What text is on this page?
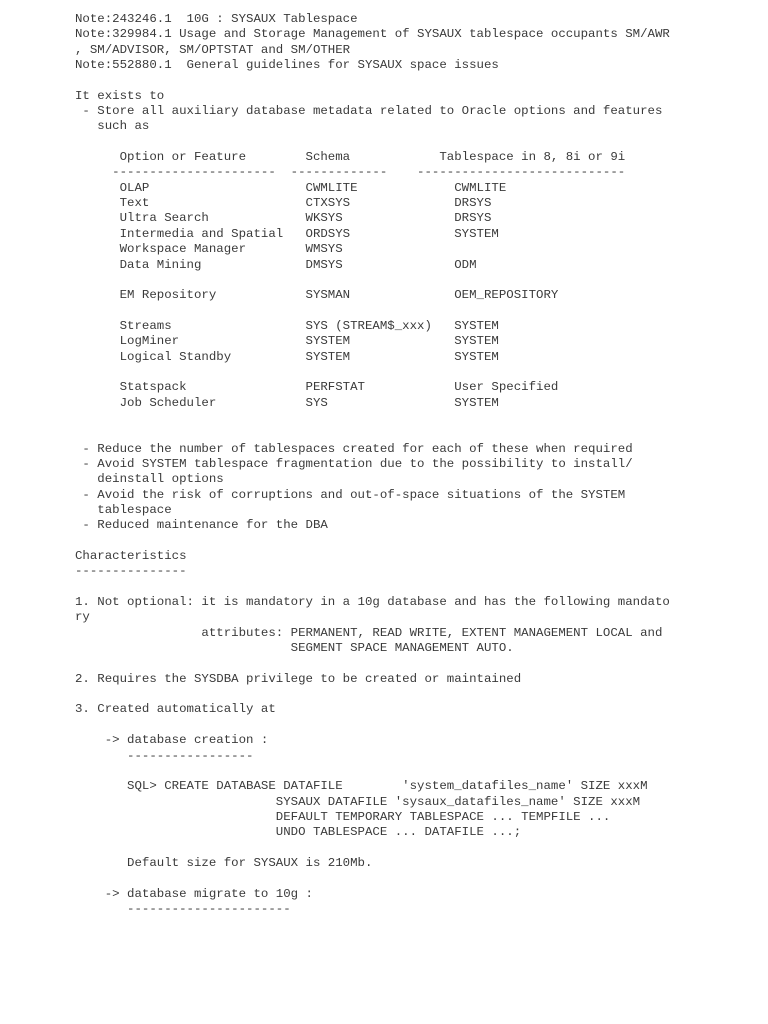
Note:243246.1  10G : SYSAUX Tablespace
Note:329984.1 Usage and Storage Management of SYSAUX tablespace occupants SM/AWR
, SM/ADVISOR, SM/OPTSTAT and SM/OTHER
Note:552880.1  General guidelines for SYSAUX space issues
It exists to
- Store all auxiliary database metadata related to Oracle options and features
such as
Option or Feature        Schema            Tablespace in 8, 8i or 9i
----------------------  -------------    ----------------------------
OLAP                     CWMLITE             CWMLITE
Text                     CTXSYS              DRSYS
Ultra Search             WKSYS               DRSYS
Intermedia and Spatial   ORDSYS              SYSTEM
Workspace Manager        WMSYS
Data Mining              DMSYS               ODM
EM Repository            SYSMAN              OEM_REPOSITORY
Streams                  SYS (STREAM$_xxx)   SYSTEM
LogMiner                 SYSTEM              SYSTEM
Logical Standby          SYSTEM              SYSTEM
Statspack                PERFSTAT            User Specified
Job Scheduler            SYS                 SYSTEM
- Reduce the number of tablespaces created for each of these when required
- Avoid SYSTEM tablespace fragmentation due to the possibility to install/
deinstall options
- Avoid the risk of corruptions and out-of-space situations of the SYSTEM
tablespace
- Reduced maintenance for the DBA
Characteristics
---------------
1. Not optional: it is mandatory in a 10g database and has the following mandato
ry
attributes: PERMANENT, READ WRITE, EXTENT MANAGEMENT LOCAL and
SEGMENT SPACE MANAGEMENT AUTO.
2. Requires the SYSDBA privilege to be created or maintained
3. Created automatically at
-> database creation :
-----------------
SQL> CREATE DATABASE DATAFILE        'system_datafiles_name' SIZE xxxM
SYSAUX DATAFILE 'sysaux_datafiles_name' SIZE xxxM
DEFAULT TEMPORARY TABLESPACE ... TEMPFILE ...
UNDO TABLESPACE ... DATAFILE ...;
Default size for SYSAUX is 210Mb.
-> database migrate to 10g :
----------------------
